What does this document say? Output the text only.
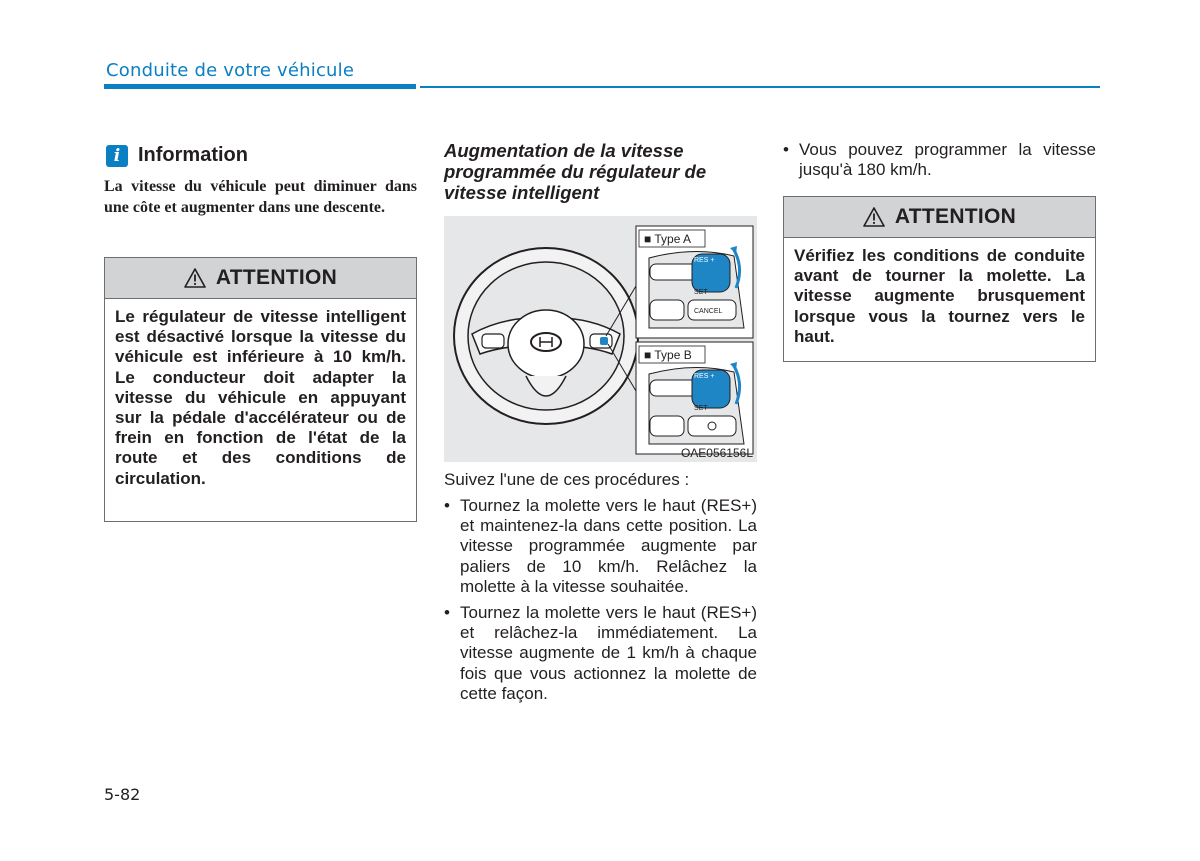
Conduite de votre véhicule
i Information
La vitesse du véhicule peut diminuer dans une côte et augmenter dans une descente.
ATTENTION
Le régulateur de vitesse intelligent est désactivé lorsque la vitesse du véhicule est inférieure à 10 km/h. Le conducteur doit adapter la vitesse du véhicule en appuyant sur la pédale d'accélérateur ou de frein en fonction de l'état de la route et des conditions de circulation.
Augmentation de la vitesse programmée du régulateur de vitesse intelligent
■ Type A
■ Type B
RES +
SET –
CANCEL
RES +
SET –
OAE056156L
Suivez l'une de ces procédures :
• Tournez la molette vers le haut (RES+) et maintenez-la dans cette position. La vitesse programmée augmente par paliers de 10 km/h. Relâchez la molette à la vitesse souhaitée.
• Tournez la molette vers le haut (RES+) et relâchez-la immédiatement. La vitesse augmente de 1 km/h à chaque fois que vous actionnez la molette de cette façon.
• Vous pouvez programmer la vitesse jusqu'à 180 km/h.
ATTENTION
Vérifiez les conditions de conduite avant de tourner la molette. La vitesse augmente brusquement lorsque vous la tournez vers le haut.
5-82
